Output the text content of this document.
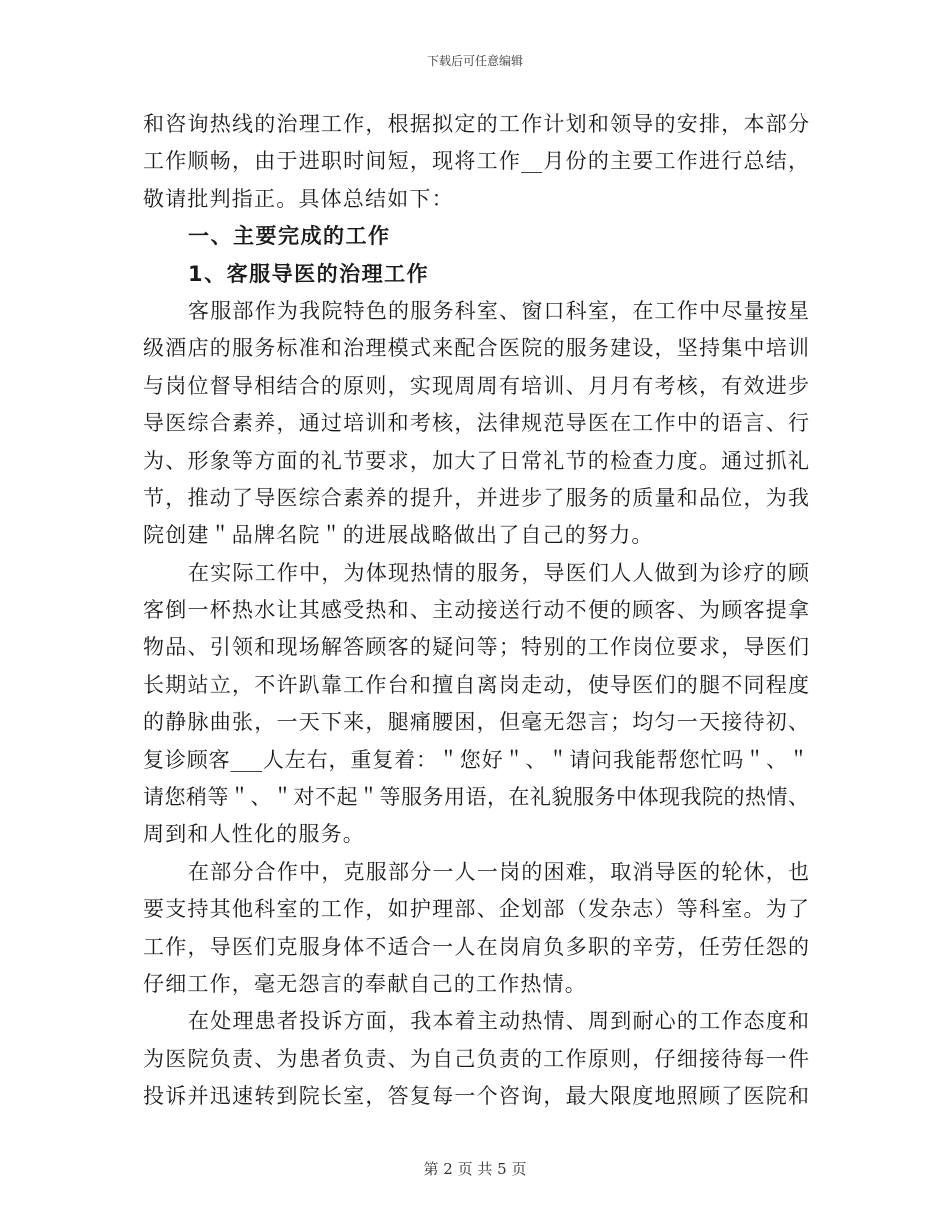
下载后可任意编辑
和咨询热线的治理工作，根据拟定的工作计划和领导的安排，本部分
工作顺畅，由于进职时间短，现将工作__月份的主要工作进行总结，
敬请批判指正。具体总结如下：
一、主要完成的工作
1、客服导医的治理工作
客服部作为我院特色的服务科室、窗口科室，在工作中尽量按星
级酒店的服务标准和治理模式来配合医院的服务建设，坚持集中培训
与岗位督导相结合的原则，实现周周有培训、月月有考核，有效进步
导医综合素养，通过培训和考核，法律规范导医在工作中的语言、行
为、形象等方面的礼节要求，加大了日常礼节的检查力度。通过抓礼
节，推动了导医综合素养的提升，并进步了服务的质量和品位，为我
院创建＂品牌名院＂的进展战略做出了自己的努力。
在实际工作中，为体现热情的服务，导医们人人做到为诊疗的顾
客倒一杯热水让其感受热和、主动接送行动不便的顾客、为顾客提拿
物品、引领和现场解答顾客的疑问等；特别的工作岗位要求，导医们
长期站立，不许趴靠工作台和擅自离岗走动，使导医们的腿不同程度
的静脉曲张，一天下来，腿痛腰困，但毫无怨言；均匀一天接待初、
复诊顾客___人左右，重复着：＂您好＂、＂请问我能帮您忙吗＂、＂
请您稍等＂、＂对不起＂等服务用语，在礼貌服务中体现我院的热情、
周到和人性化的服务。
在部分合作中，克服部分一人一岗的困难，取消导医的轮休，也
要支持其他科室的工作，如护理部、企划部（发杂志）等科室。为了
工作，导医们克服身体不适合一人在岗肩负多职的辛劳，任劳任怨的
仔细工作，毫无怨言的奉献自己的工作热情。
在处理患者投诉方面，我本着主动热情、周到耐心的工作态度和
为医院负责、为患者负责、为自己负责的工作原则，仔细接待每一件
投诉并迅速转到院长室，答复每一个咨询，最大限度地照顾了医院和
第 2 页 共 5 页
